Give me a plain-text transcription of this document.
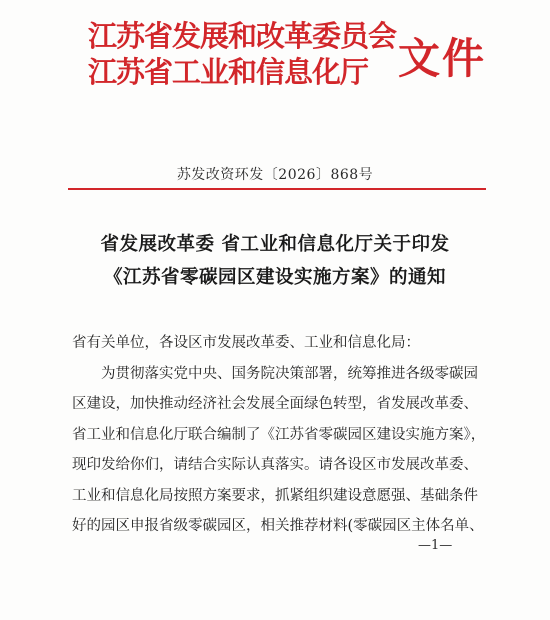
江苏省发展和改革委员会
江苏省工业和信息化厅 文件
苏发改资环发〔2026〕868号
省发展改革委 省工业和信息化厅关于印发
《江苏省零碳园区建设实施方案》的通知
省有关单位，各设区市发展改革委、工业和信息化局：
为贯彻落实党中央、国务院决策部署，统筹推进各级零碳园
区建设，加快推动经济社会发展全面绿色转型，省发展改革委、
省工业和信息化厅联合编制了《江苏省零碳园区建设实施方案》，
现印发给你们，请结合实际认真落实。请各设区市发展改革委、
工业和信息化局按照方案要求，抓紧组织建设意愿强、基础条件
好的园区申报省级零碳园区，相关推荐材料(零碳园区主体名单、
—1—
